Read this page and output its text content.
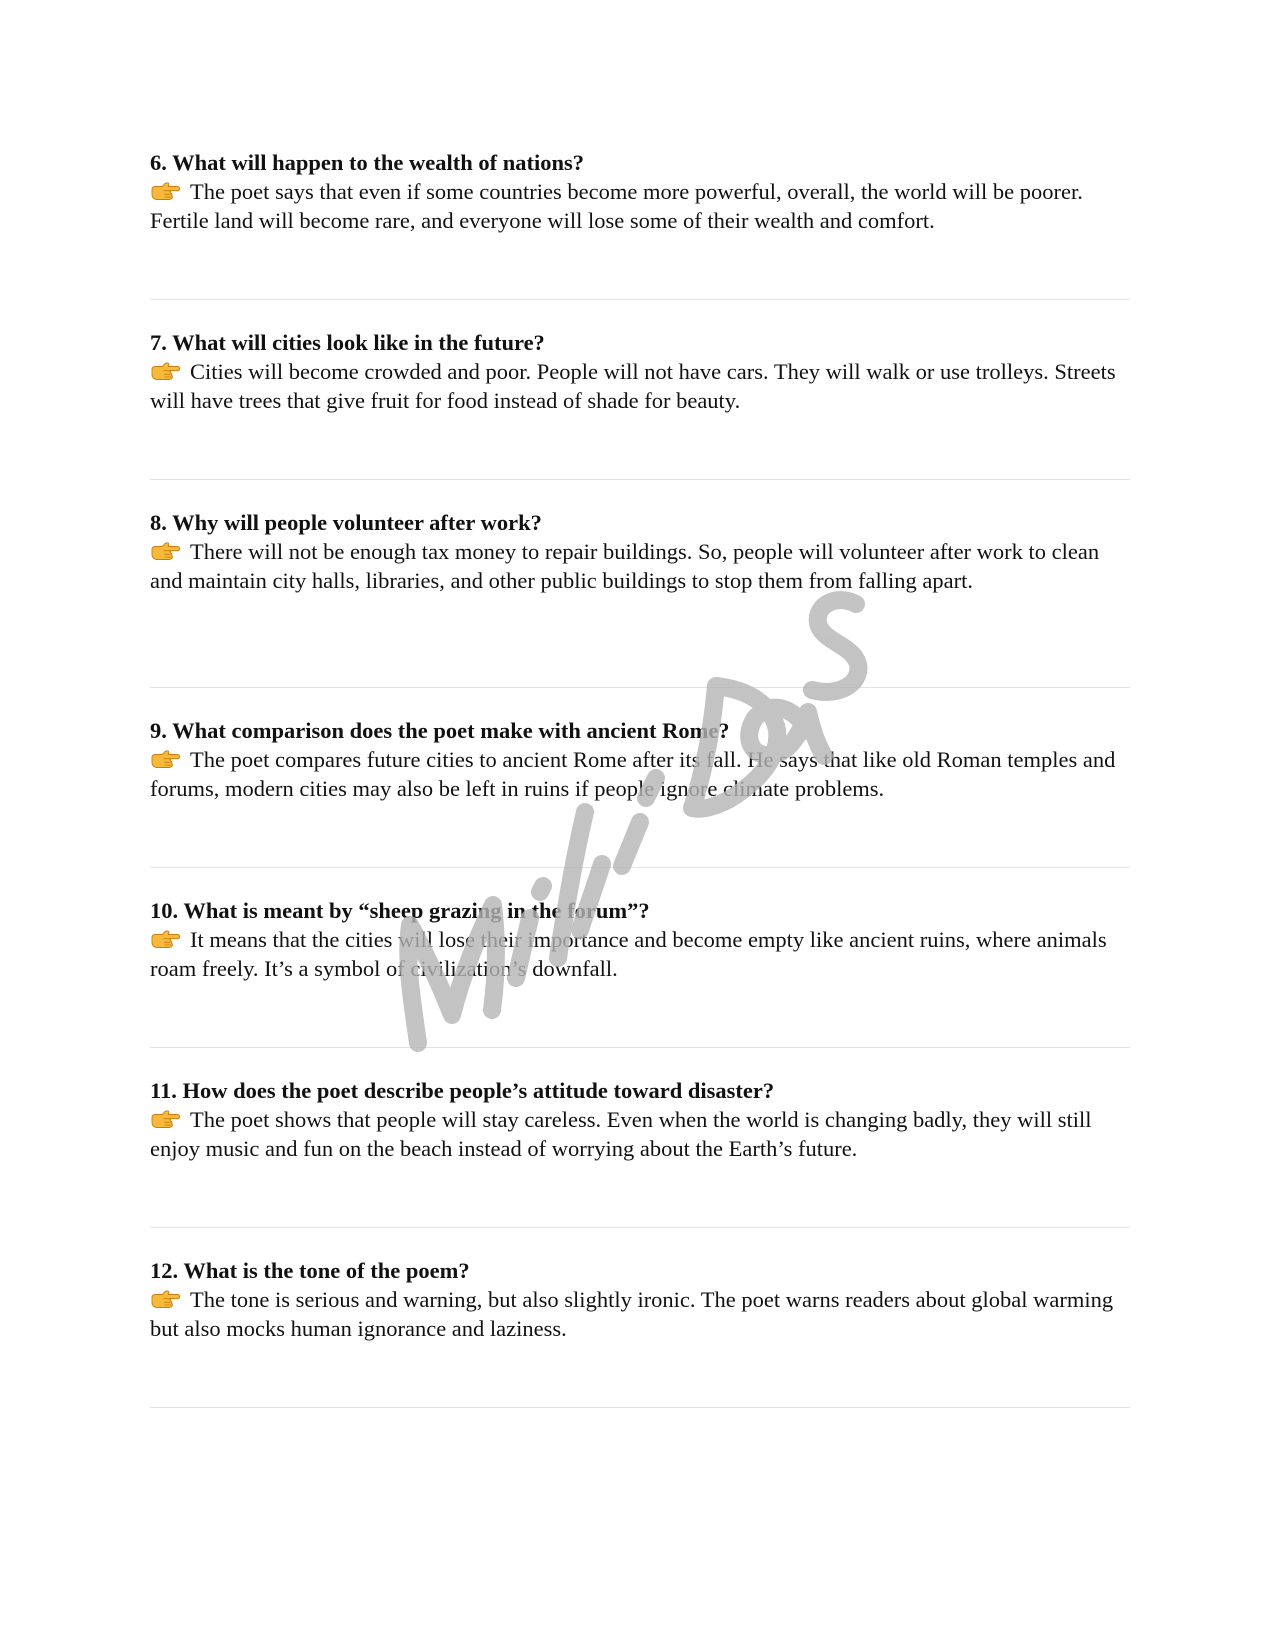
6. What will happen to the wealth of nations?

The poet says that even if some countries become more powerful, overall, the world will be poorer. Fertile land will become rare, and everyone will lose some of their wealth and comfort.

7. What will cities look like in the future?

Cities will become crowded and poor. People will not have cars. They will walk or use trolleys. Streets will have trees that give fruit for food instead of shade for beauty.

8. Why will people volunteer after work?

There will not be enough tax money to repair buildings. So, people will volunteer after work to clean and maintain city halls, libraries, and other public buildings to stop them from falling apart.

9. What comparison does the poet make with ancient Rome?

The poet compares future cities to ancient Rome after its fall. He says that like old Roman temples and forums, modern cities may also be left in ruins if people ignore climate problems.

10. What is meant by “sheep grazing in the forum”?

It means that the cities will lose their importance and become empty like ancient ruins, where animals roam freely. It’s a symbol of civilization’s downfall.

11. How does the poet describe people’s attitude toward disaster?

The poet shows that people will stay careless. Even when the world is changing badly, they will still enjoy music and fun on the beach instead of worrying about the Earth’s future.

12. What is the tone of the poem?

The tone is serious and warning, but also slightly ironic. The poet warns readers about global warming but also mocks human ignorance and laziness.
